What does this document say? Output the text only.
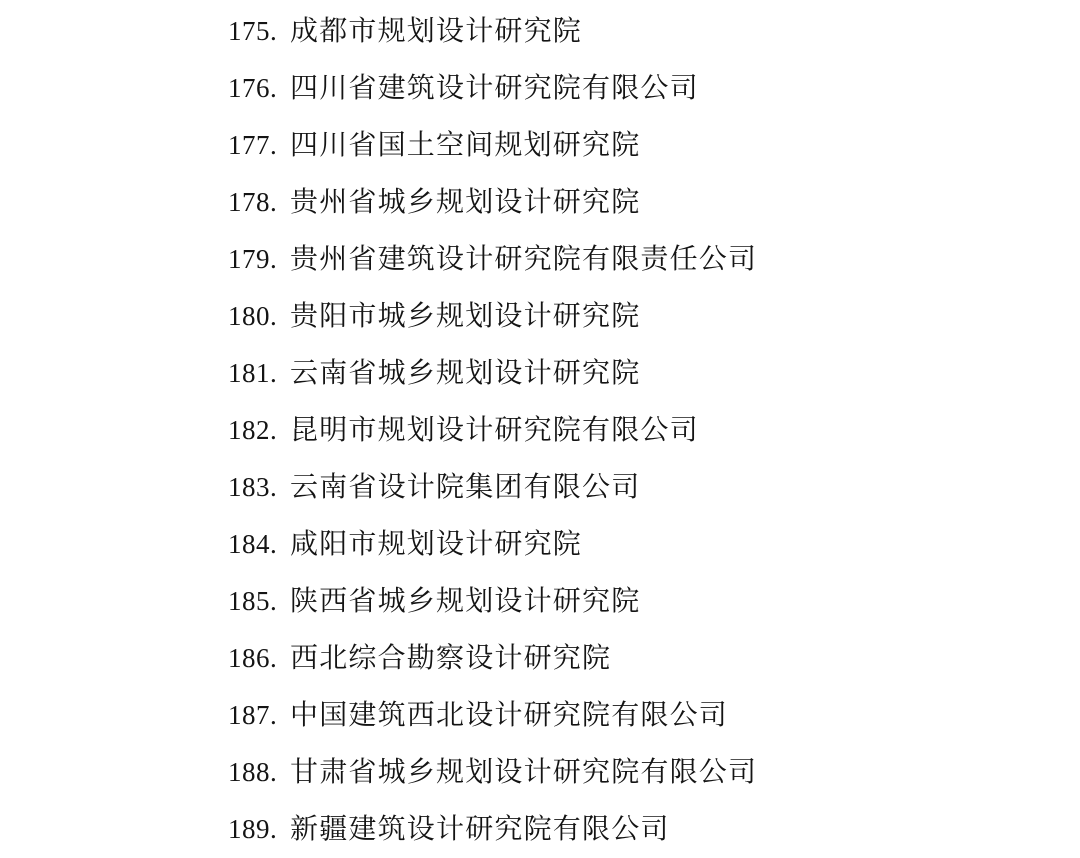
175. 成都市规划设计研究院
176. 四川省建筑设计研究院有限公司
177. 四川省国土空间规划研究院
178. 贵州省城乡规划设计研究院
179. 贵州省建筑设计研究院有限责任公司
180. 贵阳市城乡规划设计研究院
181. 云南省城乡规划设计研究院
182. 昆明市规划设计研究院有限公司
183. 云南省设计院集团有限公司
184. 咸阳市规划设计研究院
185. 陕西省城乡规划设计研究院
186. 西北综合勘察设计研究院
187. 中国建筑西北设计研究院有限公司
188. 甘肃省城乡规划设计研究院有限公司
189. 新疆建筑设计研究院有限公司
